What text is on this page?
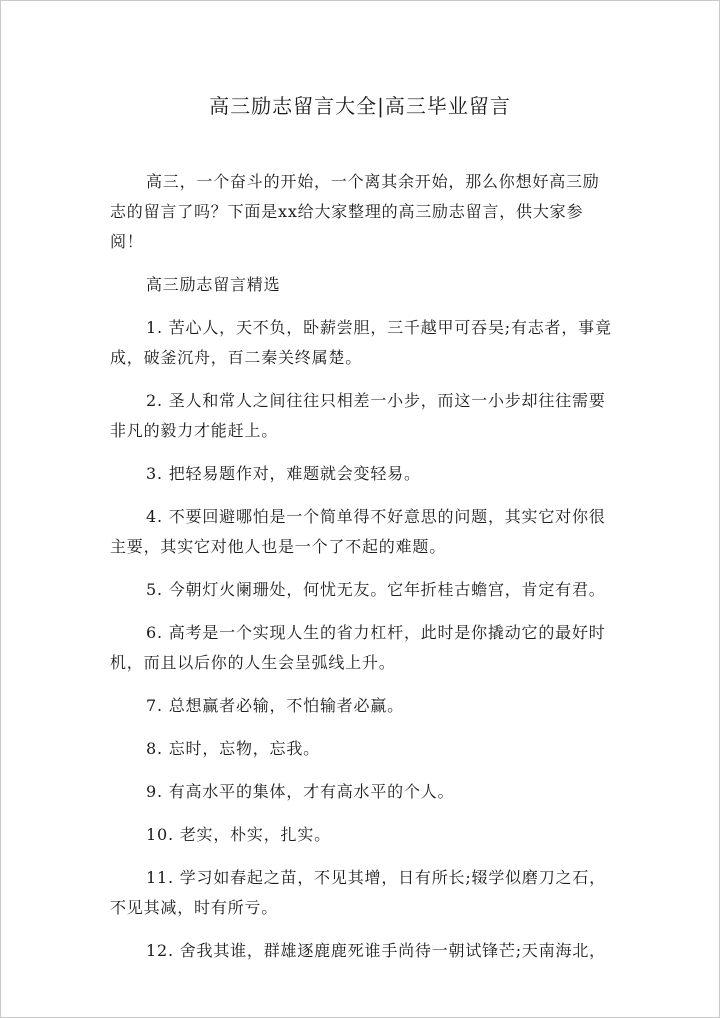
高三励志留言大全|高三毕业留言

高三，一个奋斗的开始，一个离其余开始，那么你想好高三励志的留言了吗？下面是xx给大家整理的高三励志留言，供大家参阅！

高三励志留言精选

1. 苦心人，天不负，卧薪尝胆，三千越甲可吞吴;有志者，事竟成，破釜沉舟，百二秦关终属楚。

2. 圣人和常人之间往往只相差一小步，而这一小步却往往需要非凡的毅力才能赶上。

3. 把轻易题作对，难题就会变轻易。

4. 不要回避哪怕是一个简单得不好意思的问题，其实它对你很主要，其实它对他人也是一个了不起的难题。

5. 今朝灯火阑珊处，何忧无友。它年折桂古蟾宫，肯定有君。

6. 高考是一个实现人生的省力杠杆，此时是你撬动它的最好时机，而且以后你的人生会呈弧线上升。

7. 总想赢者必输，不怕输者必赢。

8. 忘时，忘物，忘我。

9. 有高水平的集体，才有高水平的个人。

10. 老实，朴实，扎实。

11. 学习如春起之苗，不见其增，日有所长;辍学似磨刀之石，不见其减，时有所亏。

12. 舍我其谁，群雄逐鹿鹿死谁手尚待一朝试锋芒;天南海北，
